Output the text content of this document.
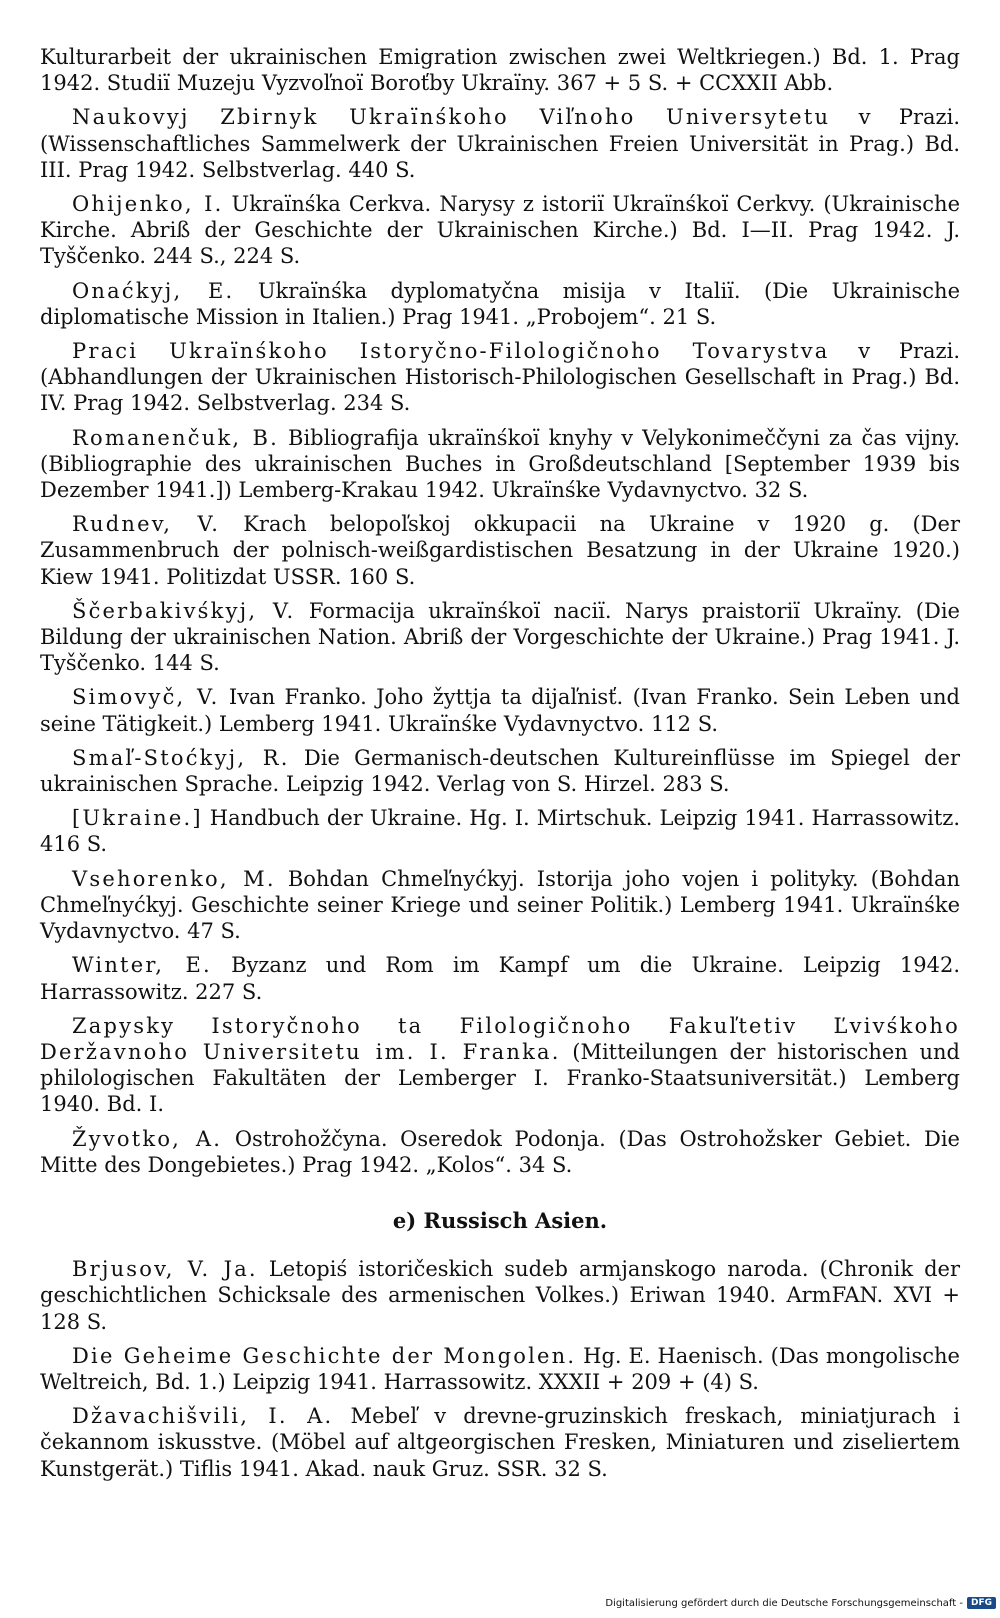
Kulturarbeit der ukrainischen Emigration zwischen zwei Weltkriegen.) Bd. 1. Prag 1942. Studiï Muzeju Vyzvoľnoï Boroťby Ukraïny. 367 + 5 S. + CCXXII Abb.

Naukovyj Zbirnyk Ukraïnśkoho Viľnoho Universytetu v Prazi. (Wissenschaftliches Sammelwerk der Ukrainischen Freien Universität in Prag.) Bd. III. Prag 1942. Selbstverlag. 440 S.

Ohijenko, I. Ukraïnśka Cerkva. Narysy z istoriï Ukraïnśkoï Cerkvy. (Ukrainische Kirche. Abriß der Geschichte der Ukrainischen Kirche.) Bd. I—II. Prag 1942. J. Tyščenko. 244 S., 224 S.

Onaćkyj, E. Ukraïnśka dyplomatyčna misija v Italiï. (Die Ukrainische diplomatische Mission in Italien.) Prag 1941. „Probojem“. 21 S.

Praci Ukraïnśkoho Istoryčno-Filologičnoho Tovarystva v Prazi. (Abhandlungen der Ukrainischen Historisch-Philologischen Gesellschaft in Prag.) Bd. IV. Prag 1942. Selbstverlag. 234 S.

Romanenčuk, B. Bibliografija ukraïnśkoï knyhy v Velykonimeččyni za čas vijny. (Bibliographie des ukrainischen Buches in Großdeutschland [September 1939 bis Dezember 1941.]) Lemberg-Krakau 1942. Ukraïnśke Vydavnyctvo. 32 S.

Rudnev, V. Krach belopoľskoj okkupacii na Ukraine v 1920 g. (Der Zusammenbruch der polnisch-weißgardistischen Besatzung in der Ukraine 1920.) Kiew 1941. Politizdat USSR. 160 S.

Ščerbakivśkyj, V. Formacija ukraïnśkoï naciï. Narys praistoriï Ukraïny. (Die Bildung der ukrainischen Nation. Abriß der Vorgeschichte der Ukraine.) Prag 1941. J. Tyščenko. 144 S.

Simovyč, V. Ivan Franko. Joho žyttja ta dijaľnisť. (Ivan Franko. Sein Leben und seine Tätigkeit.) Lemberg 1941. Ukraïnśke Vydavnyctvo. 112 S.

Smaľ-Stoćkyj, R. Die Germanisch-deutschen Kultureinflüsse im Spiegel der ukrainischen Sprache. Leipzig 1942. Verlag von S. Hirzel. 283 S.

[Ukraine.] Handbuch der Ukraine. Hg. I. Mirtschuk. Leipzig 1941. Harrassowitz. 416 S.

Vsehorenko, M. Bohdan Chmeľnyćkyj. Istorija joho vojen i polityky. (Bohdan Chmeľnyćkyj. Geschichte seiner Kriege und seiner Politik.) Lemberg 1941. Ukraïnśke Vydavnyctvo. 47 S.

Winter, E. Byzanz und Rom im Kampf um die Ukraine. Leipzig 1942. Harrassowitz. 227 S.

Zapysky Istoryčnoho ta Filologičnoho Fakuľtetiv Ľvivśkoho Deržavnoho Universitetu im. I. Franka. (Mitteilungen der historischen und philologischen Fakultäten der Lemberger I. Franko-Staatsuniversität.) Lemberg 1940. Bd. I.

Žyvotko, A. Ostrohožčyna. Oseredok Podonja. (Das Ostrohožsker Gebiet. Die Mitte des Dongebietes.) Prag 1942. „Kolos“. 34 S.

e) Russisch Asien.

Brjusov, V. Ja. Letopiś istoričeskich sudeb armjanskogo naroda. (Chronik der geschichtlichen Schicksale des armenischen Volkes.) Eriwan 1940. ArmFAN. XVI + 128 S.

Die Geheime Geschichte der Mongolen. Hg. E. Haenisch. (Das mongolische Weltreich, Bd. 1.) Leipzig 1941. Harrassowitz. XXXII + 209 + (4) S.

Džavachišvili, I. A. Mebeľ v drevne-gruzinskich freskach, miniatjurach i čekannom iskusstve. (Möbel auf altgeorgischen Fresken, Miniaturen und ziseliertem Kunstgerät.) Tiflis 1941. Akad. nauk Gruz. SSR. 32 S.

Digitalisierung gefördert durch die Deutsche Forschungsgemeinschaft - DFG
